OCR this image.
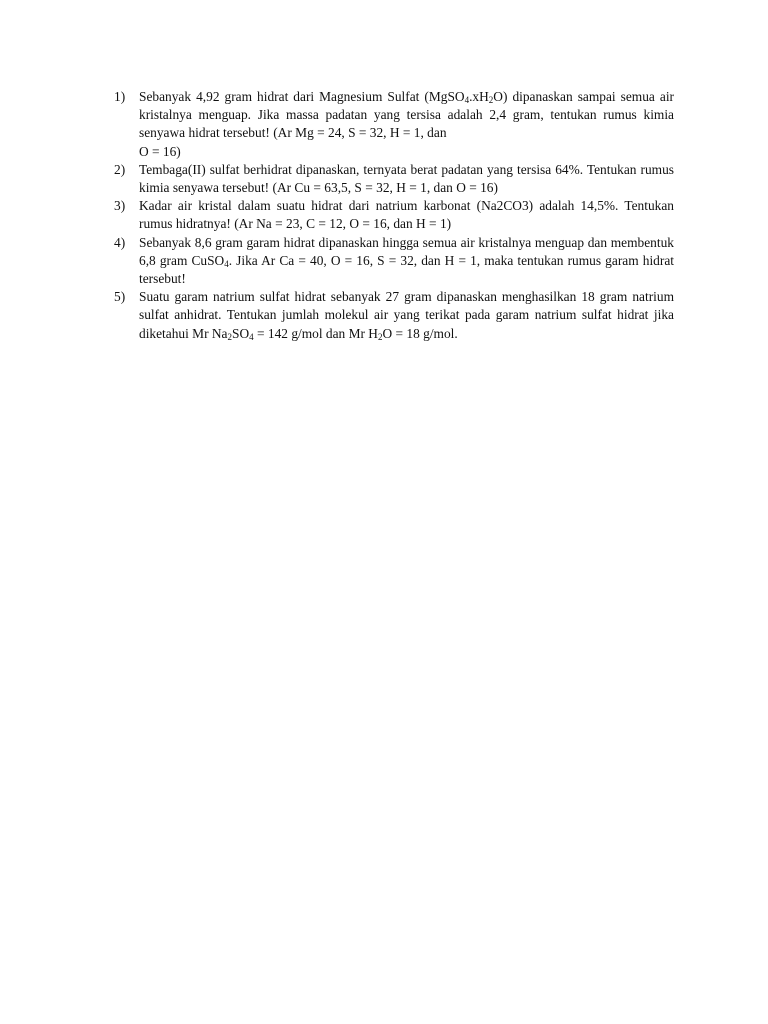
1) Sebanyak 4,92 gram hidrat dari Magnesium Sulfat $(MgSO_4.xH_2O)$ dipanaskan sampai semua air kristalnya menguap. Jika massa padatan yang tersisa adalah 2,4 gram, tentukan rumus kimia senyawa hidrat tersebut! (Ar Mg = 24, S = 32, H = 1, dan
O = 16)
2) Tembaga(II) sulfat berhidrat dipanaskan, ternyata berat padatan yang tersisa 64%. Tentukan rumus kimia senyawa tersebut! (Ar Cu = 63,5, S = 32, H = 1, dan O = 16)
3) Kadar air kristal dalam suatu hidrat dari natrium karbonat (Na2CO3) adalah 14,5%. Tentukan rumus hidratnya! (Ar Na = 23, C = 12, O = 16, dan H = 1)
4) Sebanyak 8,6 gram garam hidrat dipanaskan hingga semua air kristalnya menguap dan membentuk 6,8 gram CuSO$_4$. Jika Ar Ca = 40, O = 16, S = 32, dan H = 1, maka tentukan rumus garam hidrat tersebut!
5) Suatu garam natrium sulfat hidrat sebanyak 27 gram dipanaskan menghasilkan 18 gram natrium sulfat anhidrat. Tentukan jumlah molekul air yang terikat pada garam natrium sulfat hidrat jika diketahui Mr $Na_2SO_4 = 142$ g/mol dan Mr $H_2O = 18$ g/mol.
